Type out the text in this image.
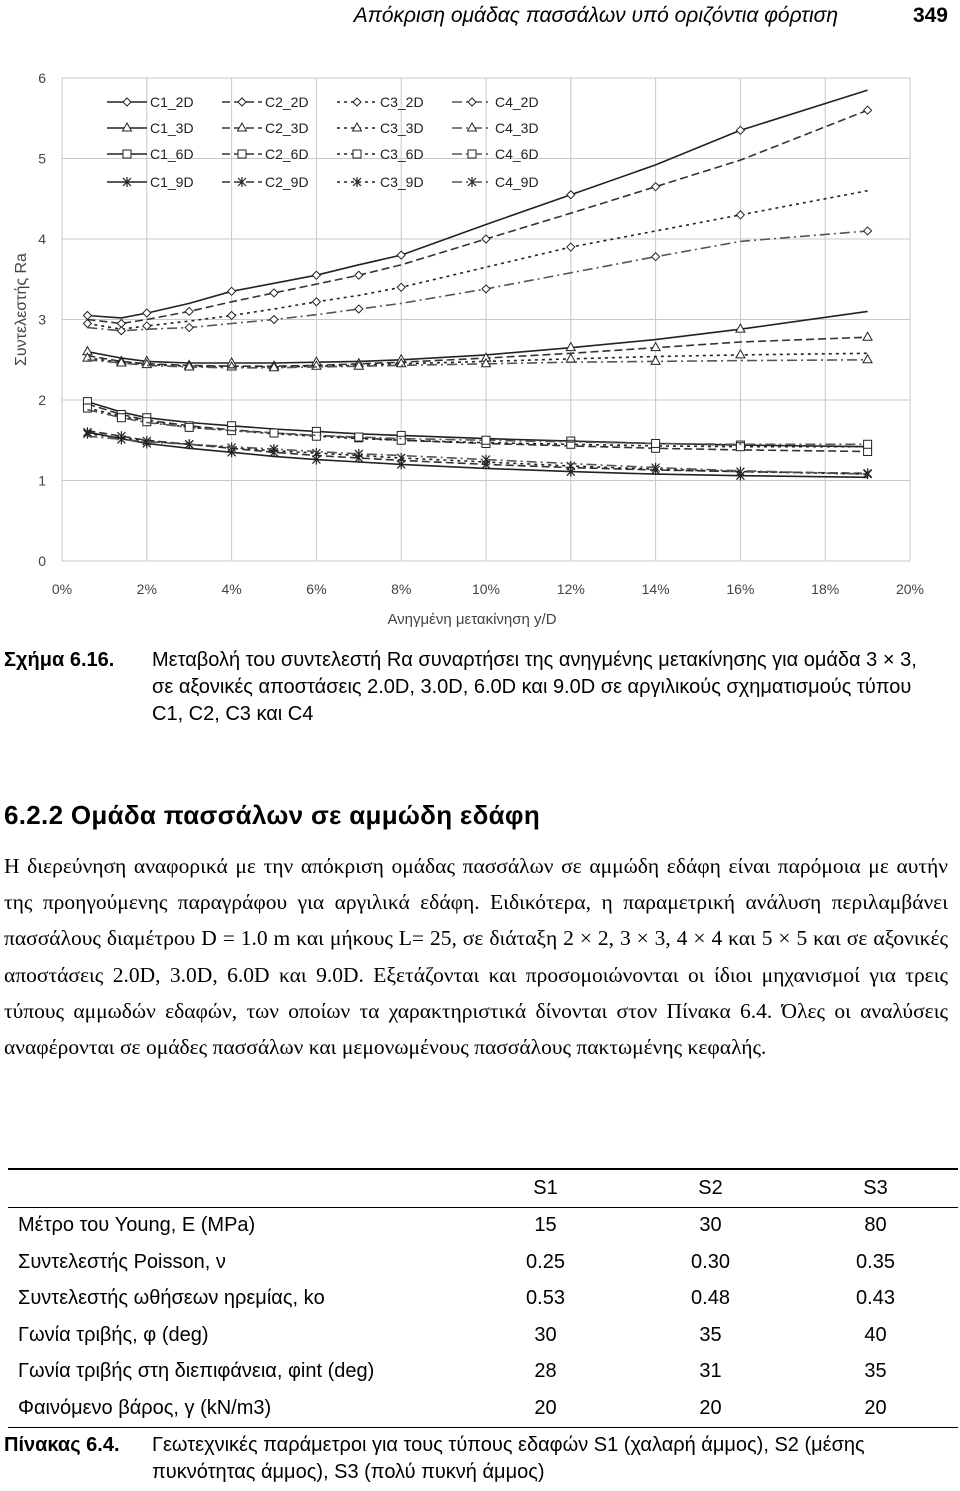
Απόκριση ομάδας πασσάλων υπό οριζόντια φόρτιση	349
0%	2%	4%	6%	8%	10%	12%	14%	16%	18%	20%
0
1
2
3
4
5
6
Ανηγμένη μετακίνηση y/D
Συντελεστής Ra
C1_2D	C2_2D	C3_2D	C4_2D
C1_3D	C2_3D	C3_3D	C4_3D
C1_6D	C2_6D	C3_6D	C4_6D
C1_9D	C2_9D	C3_9D	C4_9D
Σχήμα 6.16. Μεταβολή του συντελεστή Rα συναρτήσει της ανηγμένης μετακίνησης για ομάδα 3 × 3, σε αξονικές αποστάσεις 2.0D, 3.0D, 6.0D και 9.0D σε αργιλικούς σχηματισμούς τύπου C1, C2, C3 και C4
6.2.2 Ομάδα πασσάλων σε αμμώδη εδάφη

Η διερεύνηση αναφορικά με την απόκριση ομάδας πασσάλων σε αμμώδη εδάφη είναι παρόμοια με αυτήν της προηγούμενης παραγράφου για αργιλικά εδάφη. Ειδικότερα, η παραμετρική ανάλυση περιλαμβάνει πασσάλους διαμέτρου D = 1.0 m και μήκους L= 25, σε διάταξη 2 × 2, 3 × 3, 4 × 4 και 5 × 5 και σε αξονικές αποστάσεις 2.0D, 3.0D, 6.0D και 9.0D. Εξετάζονται και προσομοιώνονται οι ίδιοι μηχανισμοί για τρεις τύπους αμμωδών εδαφών, των οποίων τα χαρακτηριστικά δίνονται στον Πίνακα 6.4. Όλες οι αναλύσεις αναφέρονται σε ομάδες πασσάλων και μεμονωμένους πασσάλους πακτωμένης κεφαλής.

	S1	S2	S3
Μέτρο του Young, E (MPa)	15	30	80
Συντελεστής Poisson, ν	0.25	0.30	0.35
Συντελεστής ωθήσεων ηρεμίας, ko	0.53	0.48	0.43
Γωνία τριβής, φ (deg)	30	35	40
Γωνία τριβής στη διεπιφάνεια, φint (deg)	28	31	35
Φαινόμενο βάρος, γ (kN/m3)	20	20	20
Πίνακας 6.4. Γεωτεχνικές παράμετροι για τους τύπους εδαφών S1 (χαλαρή άμμος), S2 (μέσης πυκνότητας άμμος), S3 (πολύ πυκνή άμμος)
